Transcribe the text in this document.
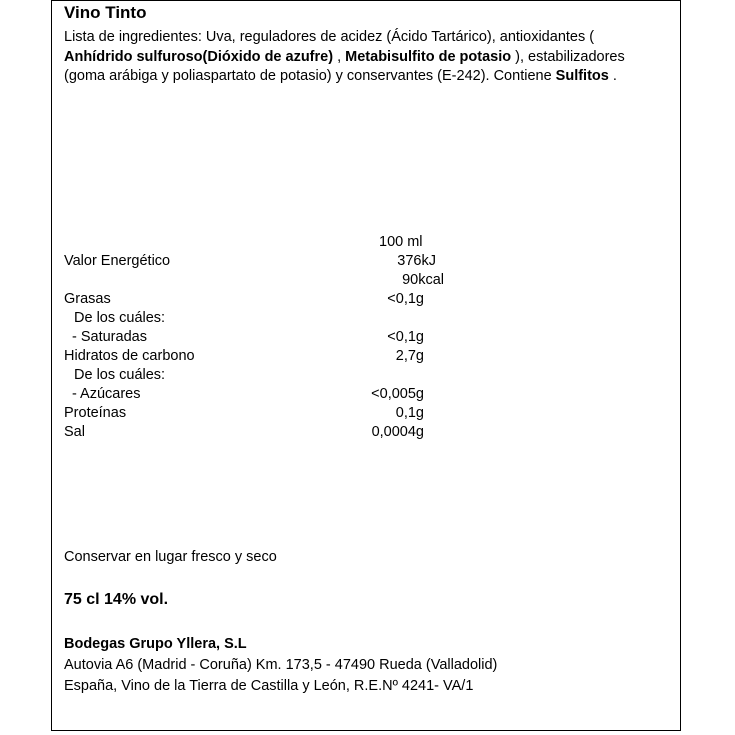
Vino Tinto
Lista de ingredientes: Uva, reguladores de acidez (Ácido Tartárico), antioxidantes ( Anhídrido sulfuroso(Dióxido de azufre) , Metabisulfito de potasio ), estabilizadores (goma arábiga y poliaspartato de potasio) y conservantes (E-242). Contiene Sulfitos .
100 ml
Valor Energético	376kJ
90kcal
Grasas	<0,1g
De los cuáles:
- Saturadas	<0,1g
Hidratos de carbono	2,7g
De los cuáles:
- Azúcares	<0,005g
Proteínas	0,1g
Sal	0,0004g
Conservar en lugar fresco y seco
75 cl 14% vol.
Bodegas Grupo Yllera, S.L
Autovia A6 (Madrid - Coruña) Km. 173,5 - 47490 Rueda (Valladolid)
España, Vino de la Tierra de Castilla y León, R.E.Nº 4241- VA/1
